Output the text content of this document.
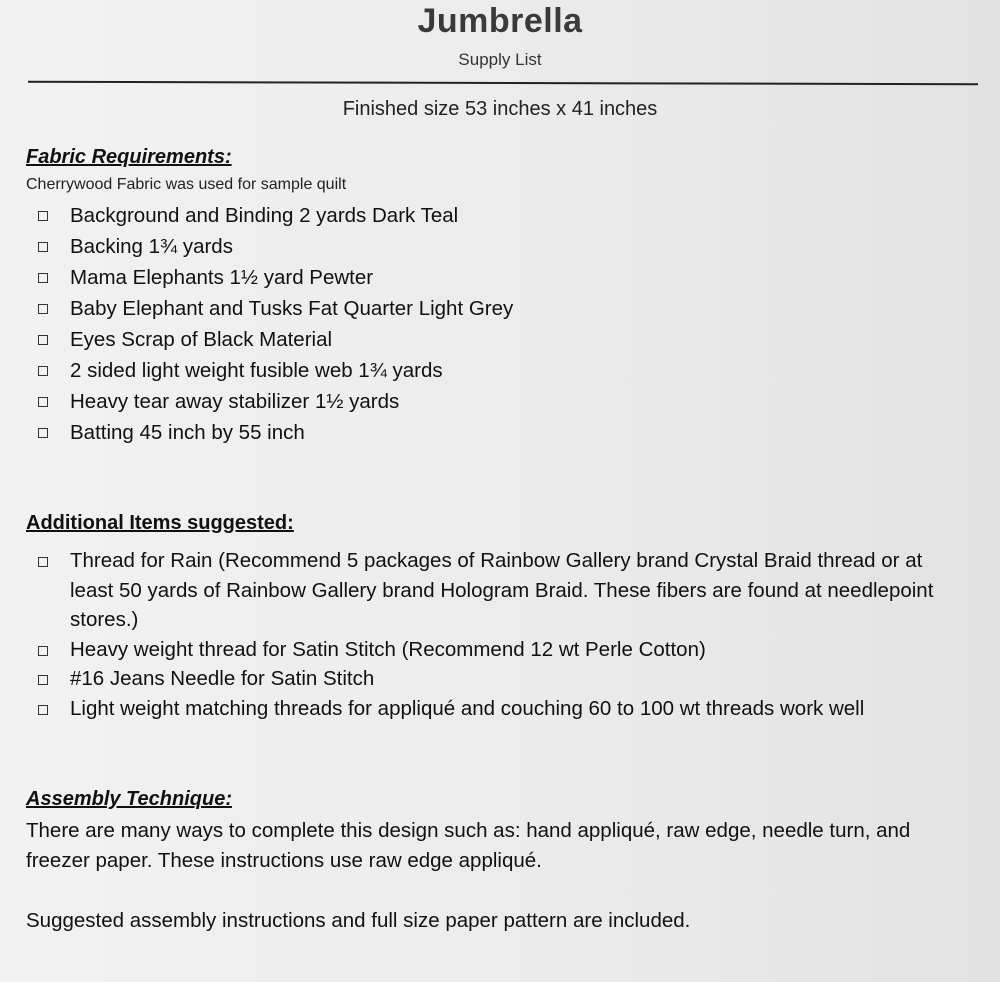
Jumbrella
Supply List
Finished size 53 inches x 41 inches
Fabric Requirements:
Cherrywood Fabric was used for sample quilt
Background and Binding 2 yards Dark Teal
Backing 1¾ yards
Mama Elephants 1½ yard Pewter
Baby Elephant and Tusks Fat Quarter Light Grey
Eyes Scrap of Black Material
2 sided light weight fusible web 1¾ yards
Heavy tear away stabilizer 1½ yards
Batting 45 inch by 55 inch
Additional Items suggested:
Thread for Rain (Recommend 5 packages of Rainbow Gallery brand Crystal Braid thread or at least 50 yards of Rainbow Gallery brand Hologram Braid. These fibers are found at needlepoint stores.)
Heavy weight thread for Satin Stitch (Recommend 12 wt Perle Cotton)
#16 Jeans Needle for Satin Stitch
Light weight matching threads for appliqué and couching 60 to 100 wt threads work well
Assembly Technique:
There are many ways to complete this design such as: hand appliqué, raw edge, needle turn, and freezer paper. These instructions use raw edge appliqué.
Suggested assembly instructions and full size paper pattern are included.
